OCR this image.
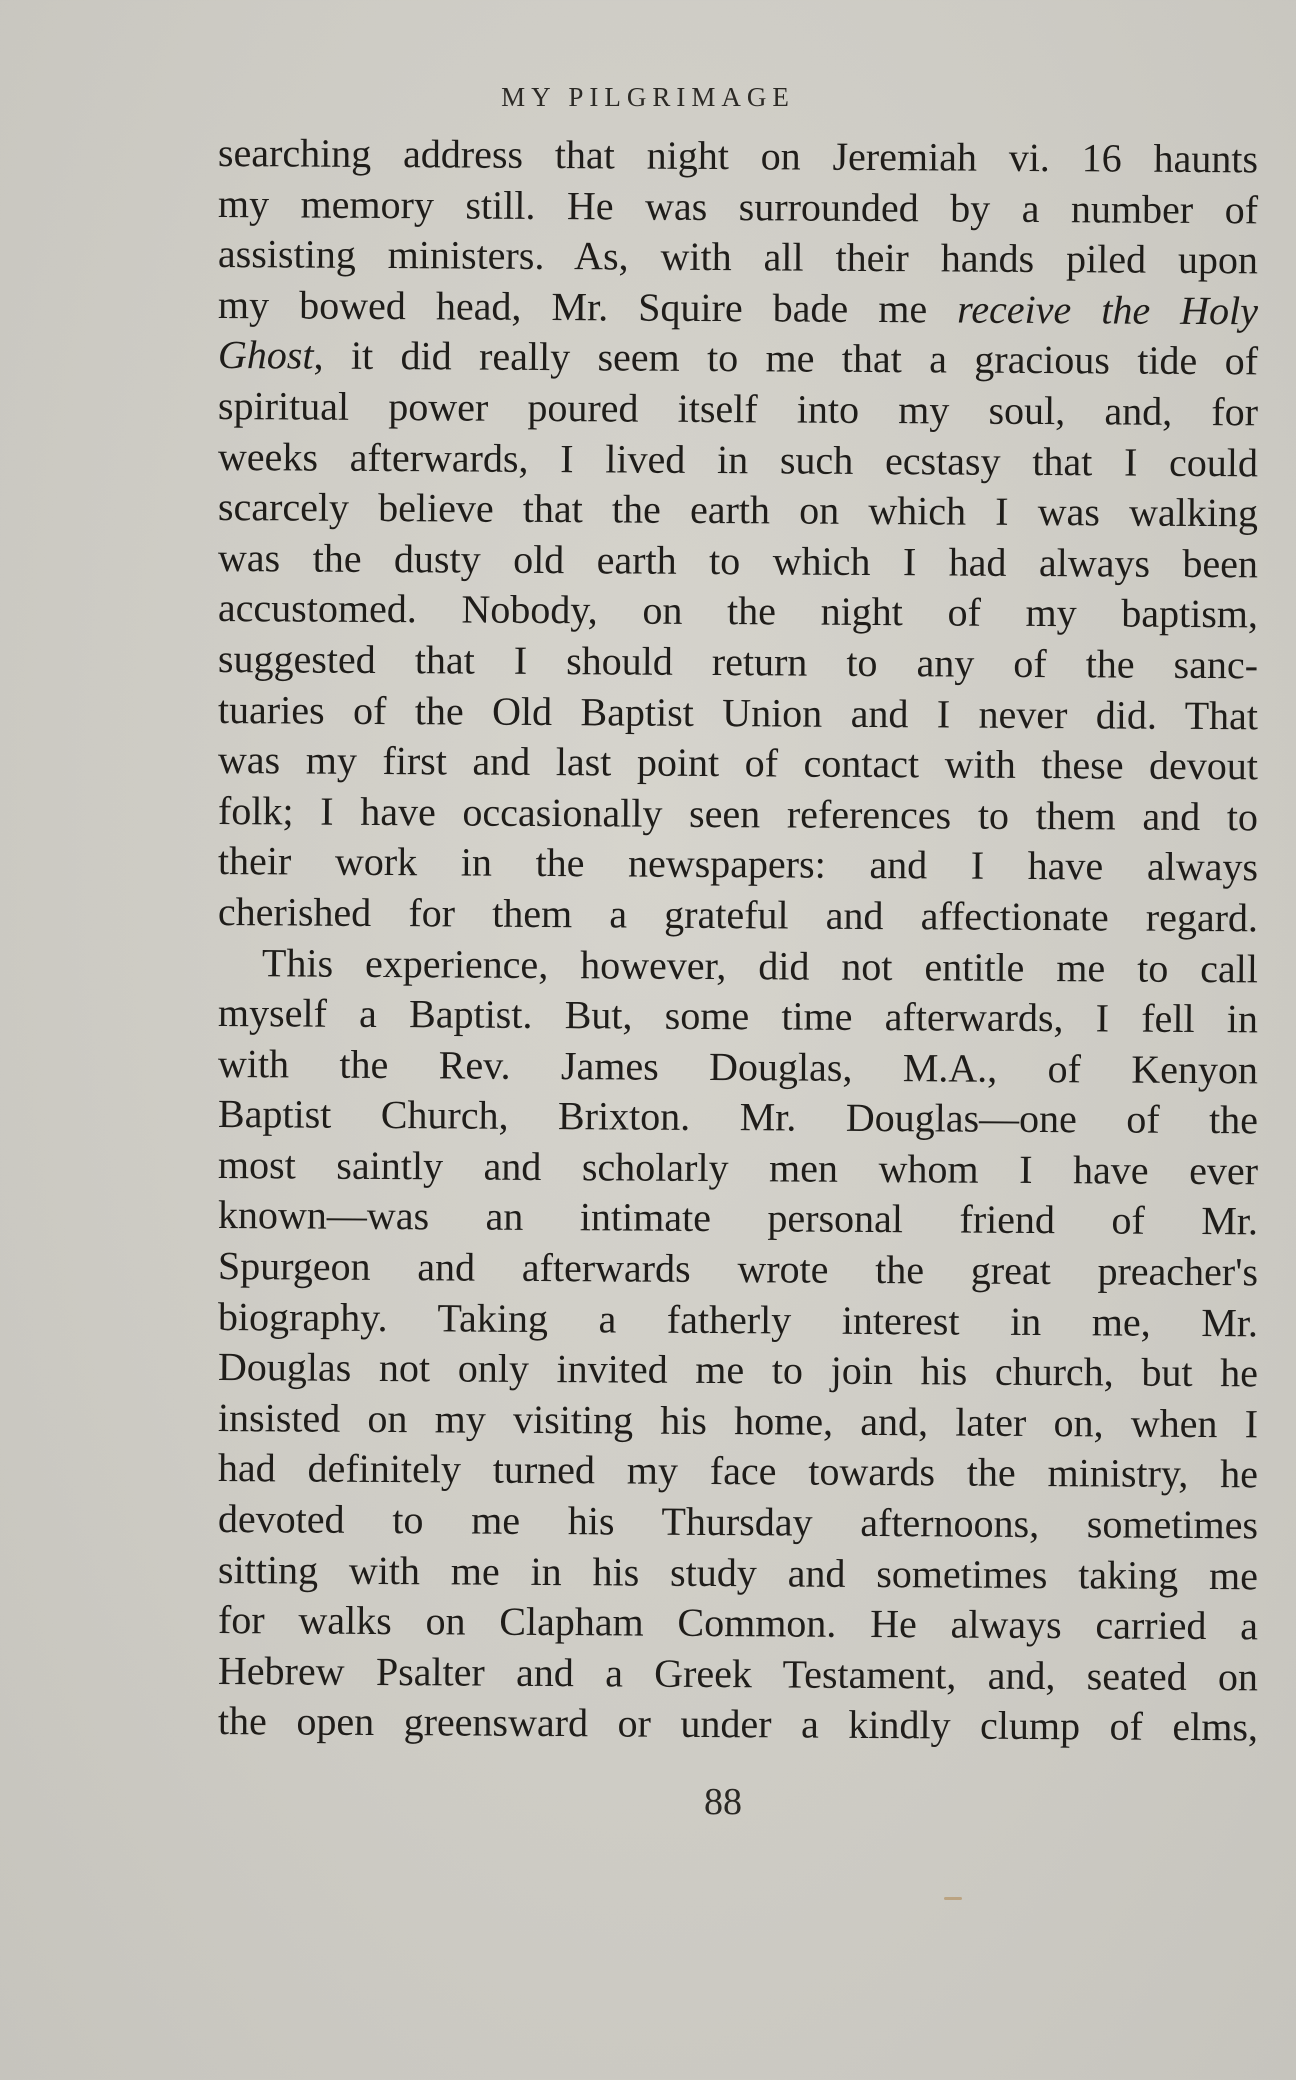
MY PILGRIMAGE
searching address that night on Jeremiah vi. 16 haunts
my memory still. He was surrounded by a number of
assisting ministers. As, with all their hands piled upon
my bowed head, Mr. Squire bade me receive the Holy
Ghost, it did really seem to me that a gracious tide of
spiritual power poured itself into my soul, and, for
weeks afterwards, I lived in such ecstasy that I could
scarcely believe that the earth on which I was walking
was the dusty old earth to which I had always been
accustomed. Nobody, on the night of my baptism,
suggested that I should return to any of the sanc-
tuaries of the Old Baptist Union and I never did. That
was my first and last point of contact with these devout
folk; I have occasionally seen references to them and to
their work in the newspapers: and I have always
cherished for them a grateful and affectionate regard.
This experience, however, did not entitle me to call
myself a Baptist. But, some time afterwards, I fell in
with the Rev. James Douglas, M.A., of Kenyon
Baptist Church, Brixton. Mr. Douglas—one of the
most saintly and scholarly men whom I have ever
known—was an intimate personal friend of Mr.
Spurgeon and afterwards wrote the great preacher's
biography. Taking a fatherly interest in me, Mr.
Douglas not only invited me to join his church, but he
insisted on my visiting his home, and, later on, when I
had definitely turned my face towards the ministry, he
devoted to me his Thursday afternoons, sometimes
sitting with me in his study and sometimes taking me
for walks on Clapham Common. He always carried a
Hebrew Psalter and a Greek Testament, and, seated on
the open greensward or under a kindly clump of elms,
88
